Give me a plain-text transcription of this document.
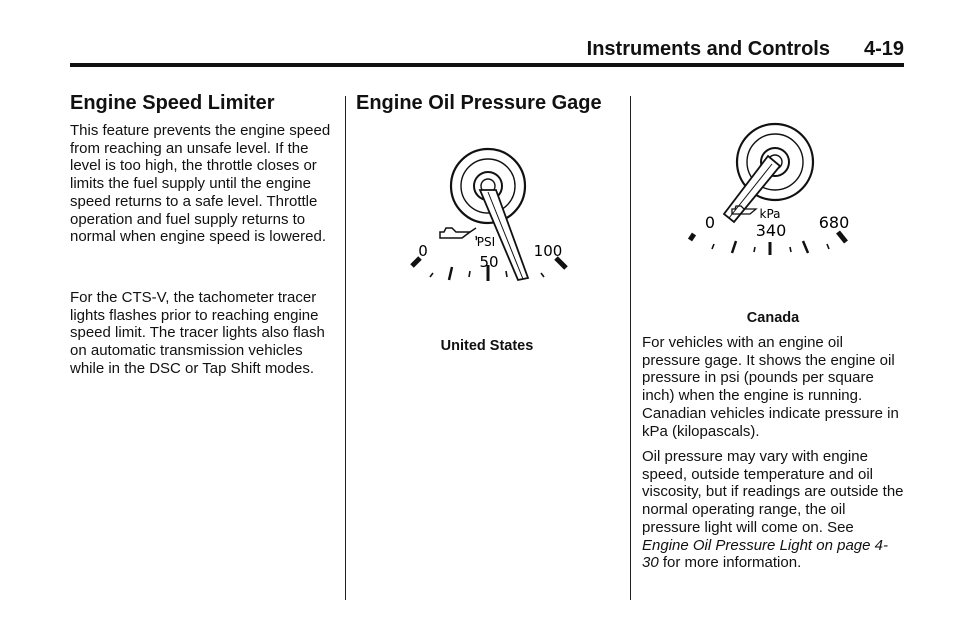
Instruments and Controls 4-19
Engine Speed Limiter

This feature prevents the engine speed from reaching an unsafe level. If the level is too high, the throttle closes or limits the fuel supply until the engine speed returns to a safe level. Throttle operation and fuel supply returns to normal when engine speed is lowered.

For the CTS-V, the tachometer tracer lights flashes prior to reaching engine speed limit. The tracer lights also flash on automatic transmission vehicles while in the DSC or Tap Shift modes.

Engine Oil Pressure Gage
0
50
100
PSI
United States
0	340 680
kPa
Canada

For vehicles with an engine oil pressure gage. It shows the engine oil pressure in psi (pounds per square inch) when the engine is running. Canadian vehicles indicate pressure in kPa (kilopascals).

Oil pressure may vary with engine speed, outside temperature and oil viscosity, but if readings are outside the normal operating range, the oil pressure light will come on. See Engine Oil Pressure Light on page 4-30 for more information.
